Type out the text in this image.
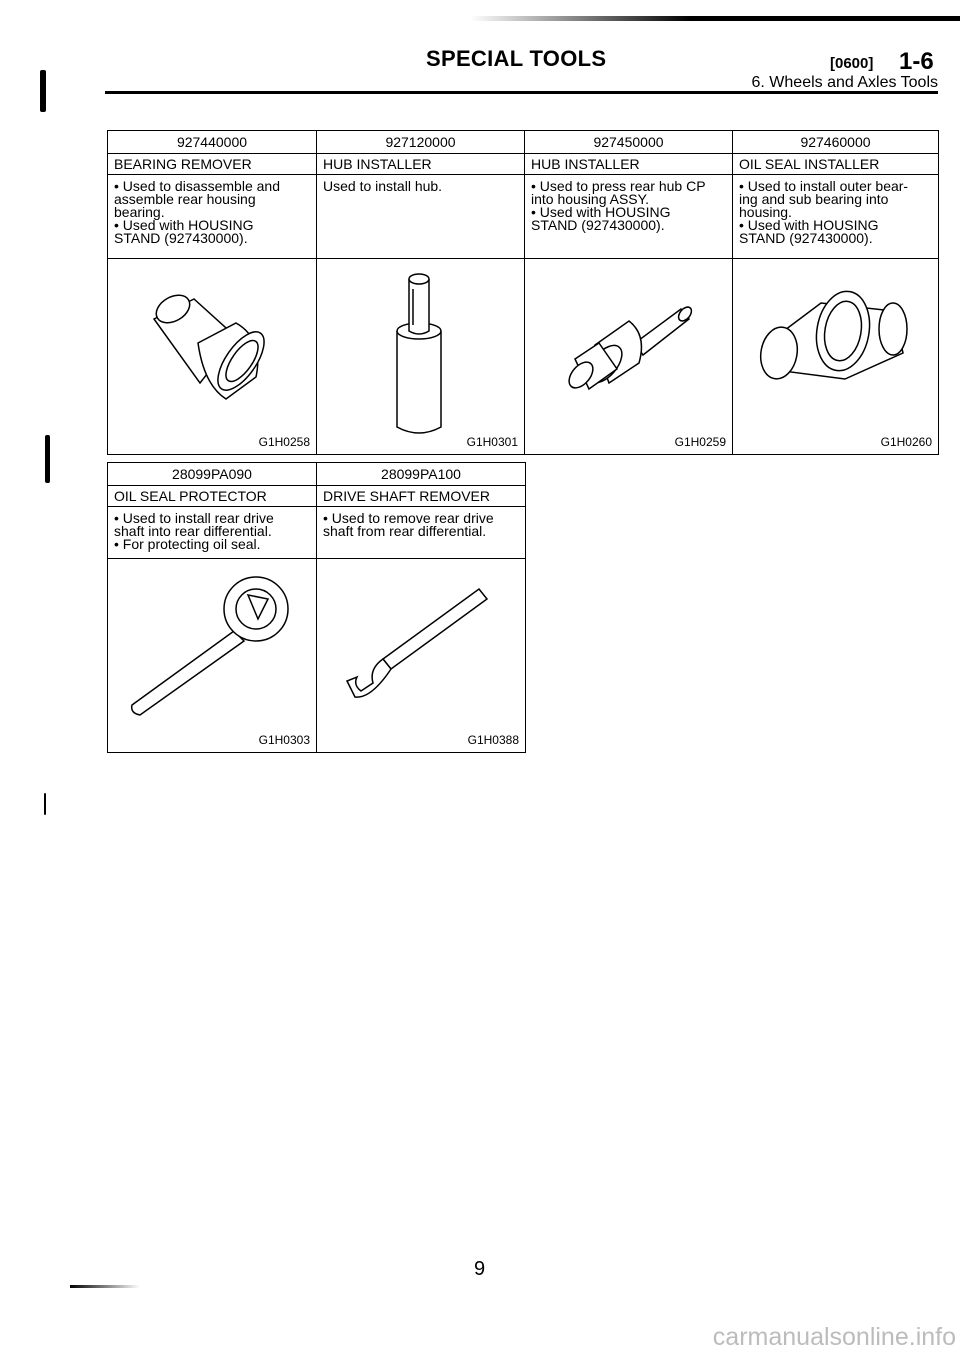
SPECIAL TOOLS	[0600] 1-6
6. Wheels and Axles Tools
927440000	927120000	927450000	927460000
BEARING REMOVER	HUB INSTALLER	HUB INSTALLER	OIL SEAL INSTALLER
• Used to disassemble and
assemble rear housing
bearing.
• Used with HOUSING
STAND (927430000).	Used to install hub.	• Used to press rear hub CP
into housing ASSY.
• Used with HOUSING
STAND (927430000).	• Used to install outer bear-
ing and sub bearing into
housing.
• Used with HOUSING
STAND (927430000).

G1H0258	G1H0301	G1H0259	G1H0260
28099PA090	28099PA100
OIL SEAL PROTECTOR	DRIVE SHAFT REMOVER
• Used to install rear drive
shaft into rear differential.
• For protecting oil seal.	• Used to remove rear drive
shaft from rear differential.

G1H0303	G1H0388
9
carmanualsonline.info
